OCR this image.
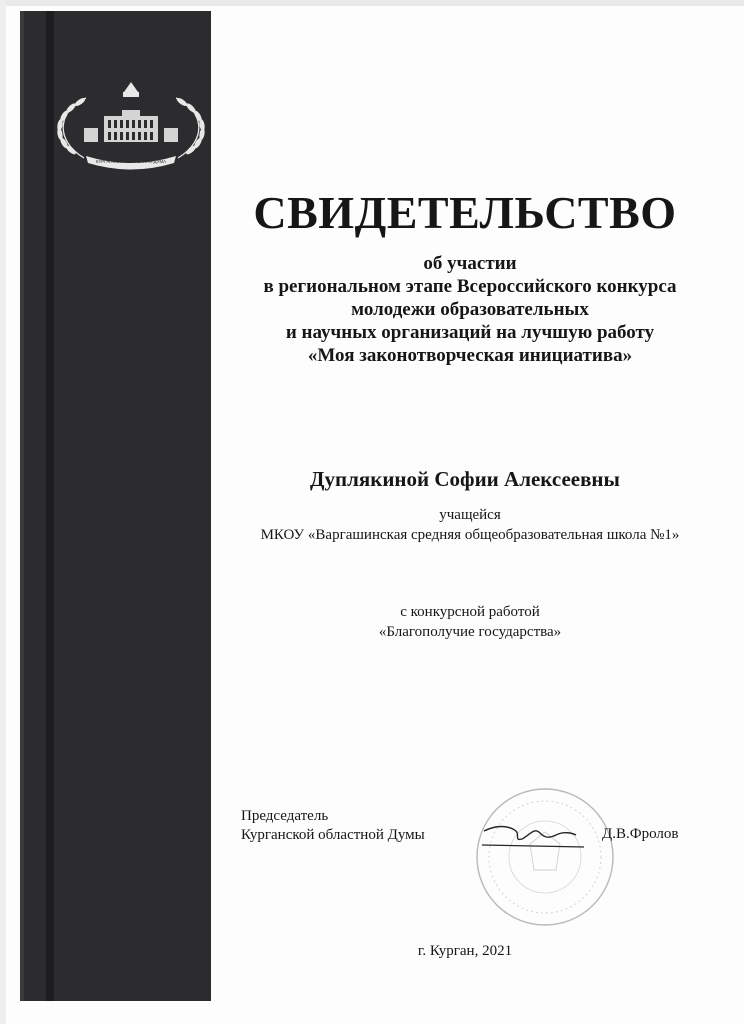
КУРГАНСКАЯ ОБЛАСТНАЯ ДУМА
СВИДЕТЕЛЬСТВО
об участии
в региональном этапе Всероссийского конкурса
молодежи образовательных
и научных организаций на лучшую работу
«Моя законотворческая инициатива»
Дуплякиной Софии Алексеевны
учащейся
МКОУ «Варгашинская средняя общеобразовательная школа №1»
с конкурсной работой
«Благополучие государства»
Председатель
Курганской областной Думы	Д.В.Фролов
г. Курган, 2021
